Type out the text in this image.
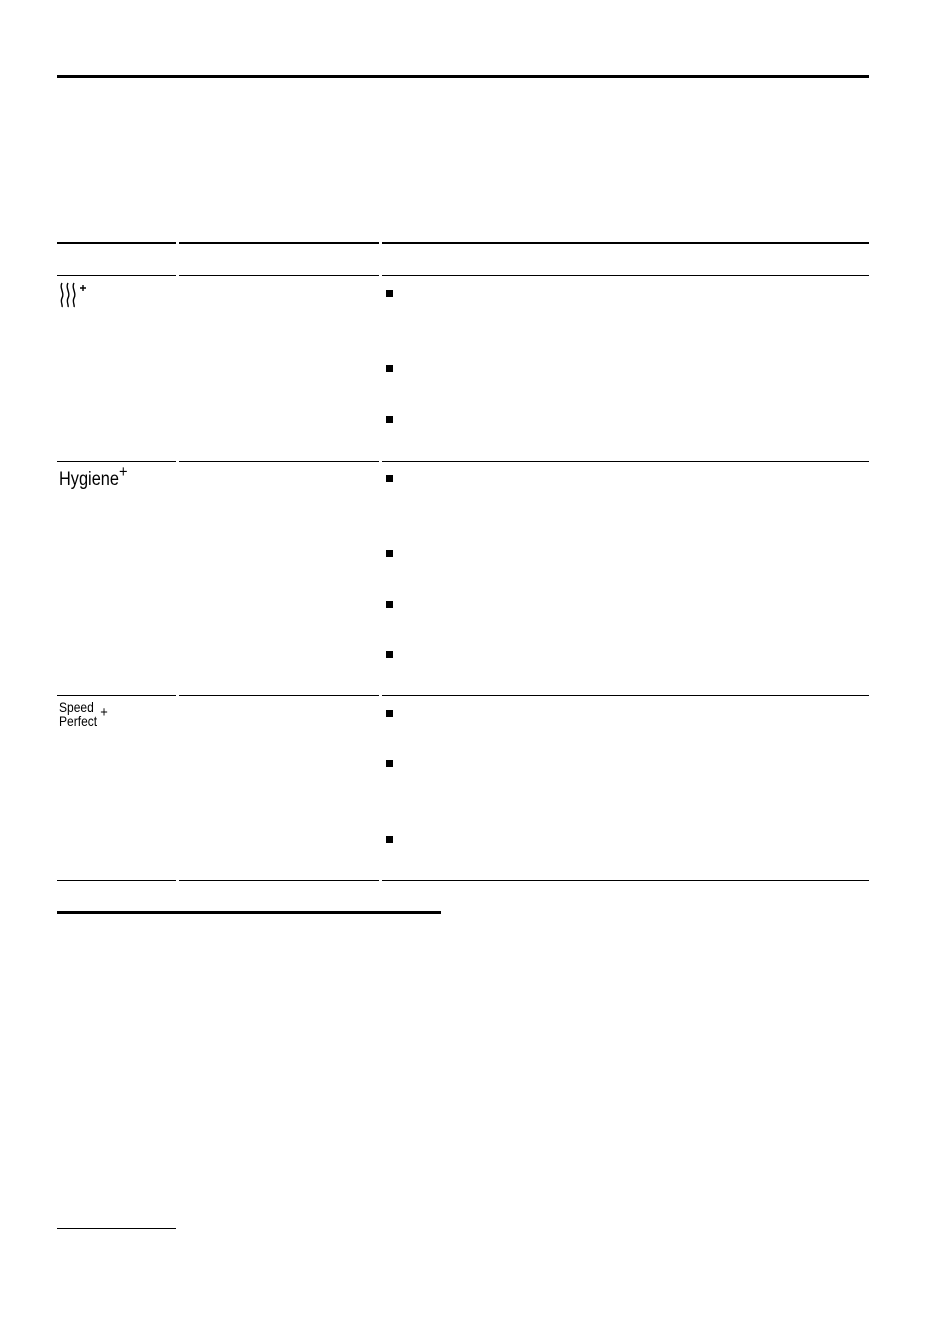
Hygiene+
Speed
Perfect +
